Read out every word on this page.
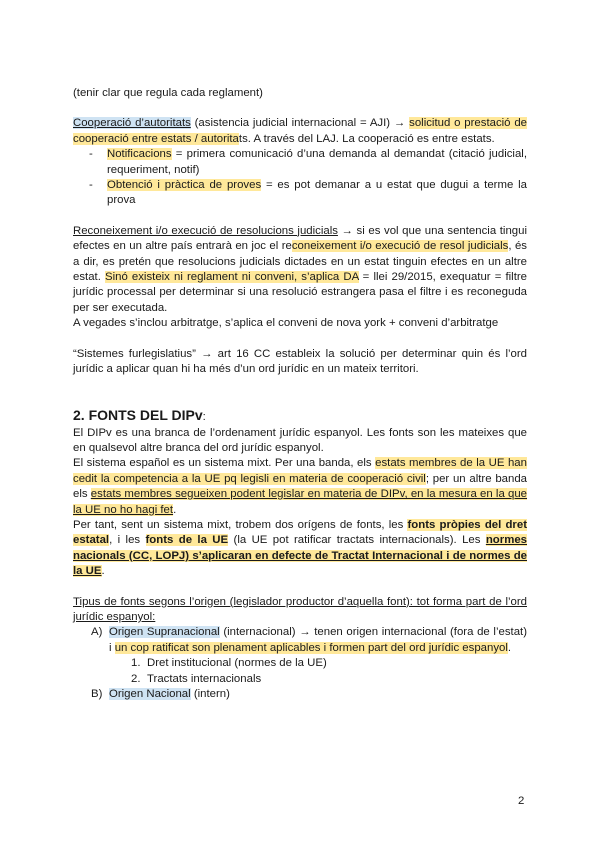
(tenir clar que regula cada reglament)

Cooperació d’autoritats (asistencia judicial internacional = AJI) → solicitud o prestació de cooperació entre estats / autoritats. A través del LAJ. La cooperació es entre estats.

- Notificacions = primera comunicació d’una demanda al demandat (citació judicial, requeriment, notif)
- Obtenció i pràctica de proves = es pot demanar a u estat que dugui a terme la prova

Reconeixement i/o execució de resolucions judicials → si es vol que una sentencia tingui efectes en un altre país entrarà en joc el reconeixement i/o execució de resol judicials, és a dir, es pretén que resolucions judicials dictades en un estat tinguin efectes en un altre estat. Sinó existeix ni reglament ni conveni, s’aplica DA = llei 29/2015, exequatur = filtre jurídic processal per determinar si una resolució estrangera pasa el filtre i es reconeguda per ser executada.

A vegades s’inclou arbitratge, s’aplica el conveni de nova york + conveni d’arbitratge

“Sistemes furlegislatius” → art 16 CC estableix la solució per determinar quin és l’ord jurídic a aplicar quan hi ha més d’un ord jurídic en un mateix territori.

2. FONTS DEL DIPv:

El DIPv es una branca de l’ordenament jurídic espanyol. Les fonts son les mateixes que en qualsevol altre branca del ord jurídic espanyol.

El sistema español es un sistema mixt. Per una banda, els estats membres de la UE han cedit la competencia a la UE pq legisli en materia de cooperació civil; per un altre banda els estats membres segueixen podent legislar en materia de DIPv, en la mesura en la que la UE no ho hagi fet.

Per tant, sent un sistema mixt, trobem dos orígens de fonts, les fonts pròpies del dret estatal, i les fonts de la UE (la UE pot ratificar tractats internacionals). Les normes nacionals (CC, LOPJ) s’aplicaran en defecte de Tractat Internacional i de normes de la UE.

Tipus de fonts segons l’origen (legislador productor d’aquella font): tot forma part de l’ord jurídic espanyol:

A) Origen Supranacional (internacional) → tenen origen internacional (fora de l’estat) i un cop ratificat son plenament aplicables i formen part del ord jurídic espanyol.
1. Dret institucional (normes de la UE)
2. Tractats internacionals
B) Origen Nacional (intern)
2
